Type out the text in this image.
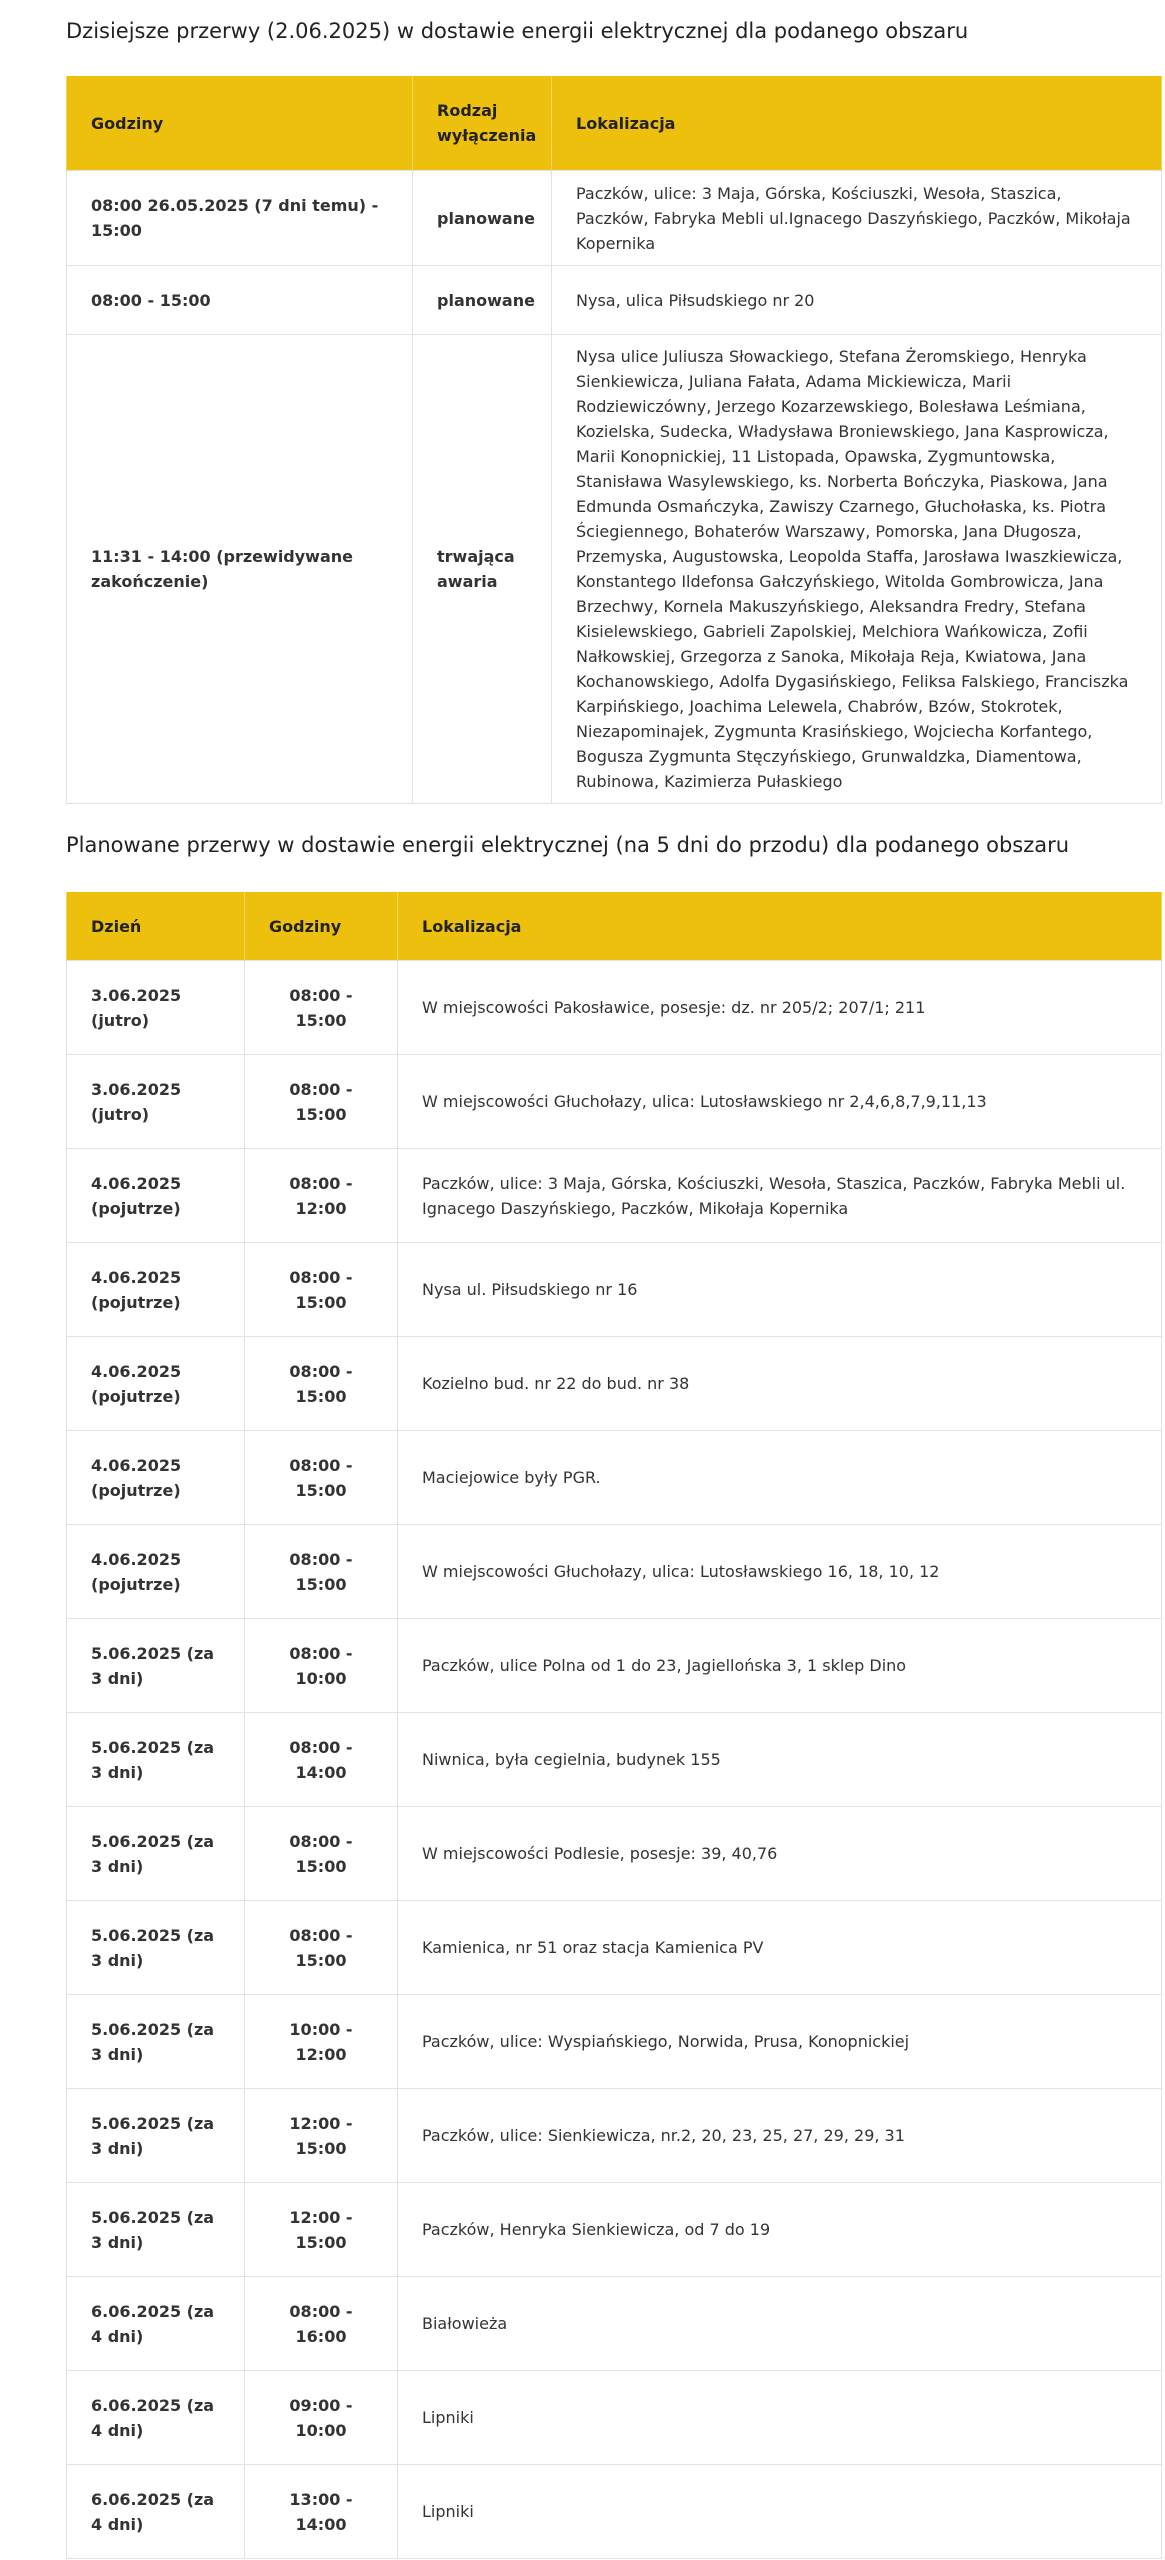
Dzisiejsze przerwy (2.06.2025) w dostawie energii elektrycznej dla podanego obszaru
Godziny	Rodzaj wyłączenia	Lokalizacja
08:00 26.05.2025 (7 dni temu) - 15:00	planowane	Paczków, ulice: 3 Maja, Górska, Kościuszki, Wesoła, Staszica, Paczków, Fabryka Mebli ul.Ignacego Daszyńskiego, Paczków, Mikołaja Kopernika
08:00 - 15:00	planowane	Nysa, ulica Piłsudskiego nr 20
11:31 - 14:00 (przewidywane zakończenie)	trwająca awaria	Nysa ulice Juliusza Słowackiego, Stefana Żeromskiego, Henryka Sienkiewicza, Juliana Fałata, Adama Mickiewicza, Marii Rodziewiczówny, Jerzego Kozarzewskiego, Bolesława Leśmiana, Kozielska, Sudecka, Władysława Broniewskiego, Jana Kasprowicza, Marii Konopnickiej, 11 Listopada, Opawska, Zygmuntowska, Stanisława Wasylewskiego, ks. Norberta Bończyka, Piaskowa, Jana Edmunda Osmańczyka, Zawiszy Czarnego, Głuchołaska, ks. Piotra Ściegiennego, Bohaterów Warszawy, Pomorska, Jana Długosza, Przemyska, Augustowska, Leopolda Staffa, Jarosława Iwaszkiewicza, Konstantego Ildefonsa Gałczyńskiego, Witolda Gombrowicza, Jana Brzechwy, Kornela Makuszyńskiego, Aleksandra Fredry, Stefana Kisielewskiego, Gabrieli Zapolskiej, Melchiora Wańkowicza, Zofii Nałkowskiej, Grzegorza z Sanoka, Mikołaja Reja, Kwiatowa, Jana Kochanowskiego, Adolfa Dygasińskiego, Feliksa Falskiego, Franciszka Karpińskiego, Joachima Lelewela, Chabrów, Bzów, Stokrotek, Niezapominajek, Zygmunta Krasińskiego, Wojciecha Korfantego, Bogusza Zygmunta Stęczyńskiego, Grunwaldzka, Diamentowa, Rubinowa, Kazimierza Pułaskiego
Planowane przerwy w dostawie energii elektrycznej (na 5 dni do przodu) dla podanego obszaru
Dzień	Godziny	Lokalizacja
3.06.2025 (jutro)	08:00 - 15:00	W miejscowości Pakosławice, posesje: dz. nr 205/2; 207/1; 211
3.06.2025 (jutro)	08:00 - 15:00	W miejscowości Głuchołazy, ulica: Lutosławskiego nr 2,4,6,8,7,9,11,13
4.06.2025 (pojutrze)	08:00 - 12:00	Paczków, ulice: 3 Maja, Górska, Kościuszki, Wesoła, Staszica, Paczków, Fabryka Mebli ul. Ignacego Daszyńskiego, Paczków, Mikołaja Kopernika
4.06.2025 (pojutrze)	08:00 - 15:00	Nysa ul. Piłsudskiego nr 16
4.06.2025 (pojutrze)	08:00 - 15:00	Kozielno bud. nr 22 do bud. nr 38
4.06.2025 (pojutrze)	08:00 - 15:00	Maciejowice były PGR.
4.06.2025 (pojutrze)	08:00 - 15:00	W miejscowości Głuchołazy, ulica: Lutosławskiego 16, 18, 10, 12
5.06.2025 (za 3 dni)	08:00 - 10:00	Paczków, ulice Polna od 1 do 23, Jagiellońska 3, 1 sklep Dino
5.06.2025 (za 3 dni)	08:00 - 14:00	Niwnica, była cegielnia, budynek 155
5.06.2025 (za 3 dni)	08:00 - 15:00	W miejscowości Podlesie, posesje: 39, 40,76
5.06.2025 (za 3 dni)	08:00 - 15:00	Kamienica, nr 51 oraz stacja Kamienica PV
5.06.2025 (za 3 dni)	10:00 - 12:00	Paczków, ulice: Wyspiańskiego, Norwida, Prusa, Konopnickiej
5.06.2025 (za 3 dni)	12:00 - 15:00	Paczków, ulice: Sienkiewicza, nr.2, 20, 23, 25, 27, 29, 29, 31
5.06.2025 (za 3 dni)	12:00 - 15:00	Paczków, Henryka Sienkiewicza, od 7 do 19
6.06.2025 (za 4 dni)	08:00 - 16:00	Białowieża
6.06.2025 (za 4 dni)	09:00 - 10:00	Lipniki
6.06.2025 (za 4 dni)	13:00 - 14:00	Lipniki
